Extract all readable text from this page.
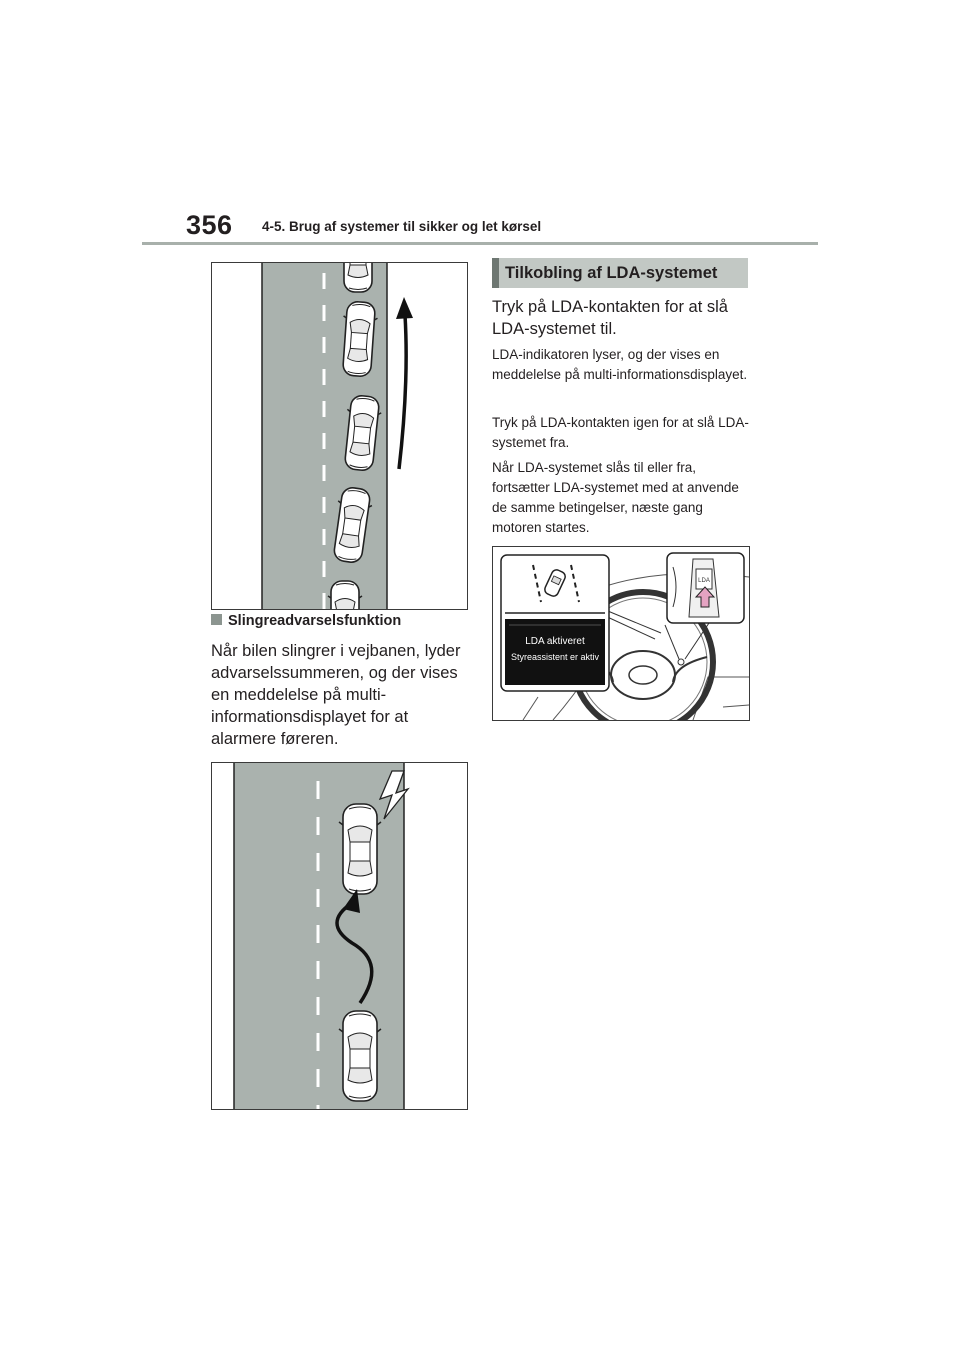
356 4-5. Brug af systemer til sikker og let kørsel
Slingreadvarselsfunktion
Når bilen slingrer i vejbanen, lyder advarselssummeren, og der vises en meddelelse på multi-informationsdisplayet for at alarmere føreren.
Tilkobling af LDA-systemet
Tryk på LDA-kontakten for at slå LDA-systemet til.
LDA-indikatoren lyser, og der vises en meddelelse på multi-informationsdisplayet.
Tryk på LDA-kontakten igen for at slå LDA-systemet fra.
Når LDA-systemet slås til eller fra, fortsætter LDA-systemet med at anvende de samme betingelser, næste gang motoren startes.
LDA aktiveret
Styreassistent er aktiv
LDA
